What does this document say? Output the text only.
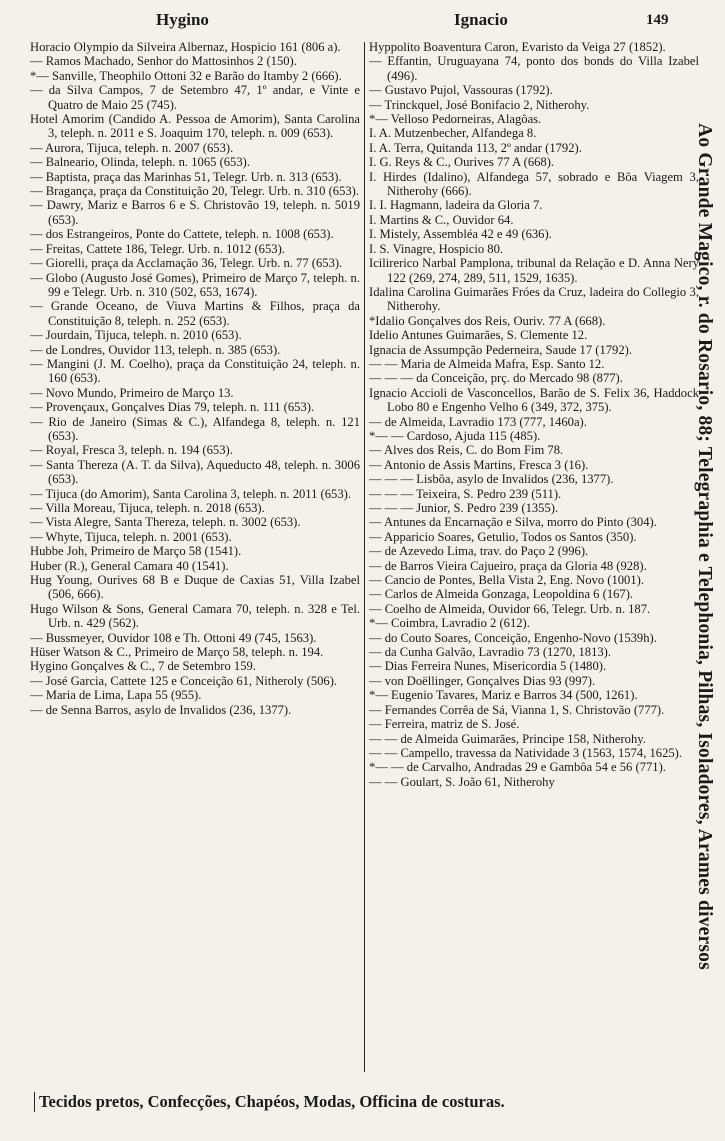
Hygino	Ignacio	149

Horacio Olympio da Silveira Albernaz, Hospicio 161 (806 a).

— Ramos Machado, Senhor do Mattosinhos 2 (150).

*— Sanville, Theophilo Ottoni 32 e Barão do Itamby 2 (666).

— da Silva Campos, 7 de Setembro 47, 1º andar, e Vinte e Quatro de Maio 25 (745).

Hotel Amorim (Candido A. Pessoa de Amorim), Santa Carolina 3, teleph. n. 2011 e S. Joaquim 170, teleph. n. 009 (653).

— Aurora, Tijuca, teleph. n. 2007 (653).

— Balneario, Olinda, teleph. n. 1065 (653).

— Baptista, praça das Marinhas 51, Telegr. Urb. n. 313 (653).

— Bragança, praça da Constituição 20, Telegr. Urb. n. 310 (653).

— Dawry, Mariz e Barros 6 e S. Christovão 19, teleph. n. 5019 (653).

— dos Estrangeiros, Ponte do Cattete, teleph. n. 1008 (653).

— Freitas, Cattete 186, Telegr. Urb. n. 1012 (653).

— Giorelli, praça da Acclamação 36, Telegr. Urb. n. 77 (653).

— Globo (Augusto José Gomes), Primeiro de Março 7, teleph. n. 99 e Telegr. Urb. n. 310 (502, 653, 1674).

— Grande Oceano, de Viuva Martins & Filhos, praça da Constituição 8, teleph. n. 252 (653).

— Jourdain, Tijuca, teleph. n. 2010 (653).

— de Londres, Ouvidor 113, teleph. n. 385 (653).

— Mangini (J. M. Coelho), praça da Constituição 24, teleph. n. 160 (653).

— Novo Mundo, Primeiro de Março 13.

— Provençaux, Gonçalves Dias 79, teleph. n. 111 (653).

— Rio de Janeiro (Simas & C.), Alfandega 8, teleph. n. 121 (653).

— Royal, Fresca 3, teleph. n. 194 (653).

— Santa Thereza (A. T. da Silva), Aqueducto 48, teleph. n. 3006 (653).

— Tijuca (do Amorim), Santa Carolina 3, teleph. n. 2011 (653).

— Villa Moreau, Tijuca, teleph. n. 2018 (653).

— Vista Alegre, Santa Thereza, teleph. n. 3002 (653).

— Whyte, Tijuca, teleph. n. 2001 (653).

Hubbe Joh, Primeiro de Março 58 (1541).

Huber (R.), General Camara 40 (1541).

Hug Young, Ourives 68 B e Duque de Caxias 51, Villa Izabel (506, 666).

Hugo Wilson & Sons, General Camara 70, teleph. n. 328 e Tel. Urb. n. 429 (562).

— Bussmeyer, Ouvidor 108 e Th. Ottoni 49 (745, 1563).

Hüser Watson & C., Primeiro de Março 58, teleph. n. 194.

Hygino Gonçalves & C., 7 de Setembro 159.

— José Garcia, Cattete 125 e Conceição 61, Nitheroly (506).

— Maria de Lima, Lapa 55 (955).

— de Senna Barros, asylo de Invalidos (236, 1377).

Hyppolito Boaventura Caron, Evaristo da Veiga 27 (1852).

— Effantin, Uruguayana 74, ponto dos bonds do Villa Izabel (496).

— Gustavo Pujol, Vassouras (1792).

— Trinckquel, José Bonifacio 2, Nitherohy.

*— Velloso Pedorneiras, Alagôas.

I. A. Mutzenbecher, Alfandega 8.

I. A. Terra, Quitanda 113, 2º andar (1792).

I. G. Reys & C., Ourives 77 A (668).

I. Hirdes (Idalino), Alfandega 57, sobrado e Bôa Viagem 3, Nitherohy (666).

I. I. Hagmann, ladeira da Gloria 7.

I. Martins & C., Ouvidor 64.

I. Mistely, Assembléa 42 e 49 (636).

I. S. Vinagre, Hospicio 80.

Icilirerico Narbal Pamplona, tribunal da Relação e D. Anna Nery 122 (269, 274, 289, 511, 1529, 1635).

Idalina Carolina Guimarães Fróes da Cruz, ladeira do Collegio 3, Nitherohy.

*Idalio Gonçalves dos Reis, Ouriv. 77 A (668).

Idelio Antunes Guimarães, S. Clemente 12.

Ignacia de Assumpção Pederneira, Saude 17 (1792).

— — Maria de Almeida Mafra, Esp. Santo 12.

— — — da Conceição, prç. do Mercado 98 (877).

Ignacio Accioli de Vasconcellos, Barão de S. Felix 36, Haddock Lobo 80 e Engenho Velho 6 (349, 372, 375).

— de Almeida, Lavradio 173 (777, 1460a).

*— — Cardoso, Ajuda 115 (485).

— Alves dos Reis, C. do Bom Fim 78.

— Antonio de Assis Martins, Fresca 3 (16).

— — — Lisbôa, asylo de Invalidos (236, 1377).

— — — Teixeira, S. Pedro 239 (511).

— — — Junior, S. Pedro 239 (1355).

— Antunes da Encarnação e Silva, morro do Pinto (304).

— Apparicio Soares, Getulio, Todos os Santos (350).

— de Azevedo Lima, trav. do Paço 2 (996).

— de Barros Vieira Cajueiro, praça da Gloria 48 (928).

— Cancio de Pontes, Bella Vista 2, Eng. Novo (1001).

— Carlos de Almeida Gonzaga, Leopoldina 6 (167).

— Coelho de Almeida, Ouvidor 66, Telegr. Urb. n. 187.

*— Coimbra, Lavradio 2 (612).

— do Couto Soares, Conceição, Engenho-Novo (1539h).

— da Cunha Galvão, Lavradio 73 (1270, 1813).

— Dias Ferreira Nunes, Misericordia 5 (1480).

— von Doëllinger, Gonçalves Dias 93 (997).

*— Eugenio Tavares, Mariz e Barros 34 (500, 1261).

— Fernandes Corrêa de Sá, Vianna 1, S. Christovão (777).

— Ferreira, matriz de S. José.

— — de Almeida Guimarães, Principe 158, Nitherohy.

— — Campello, travessa da Natividade 3 (1563, 1574, 1625).

*— — de Carvalho, Andradas 29 e Gambôa 54 e 56 (771).

— — Goulart, S. João 61, Nitherohy	Ao Grande Magico, r. do Rosario, 88; Telegraphia e Telephonia, Pilhas, Isoladores, Arames diversos
Tecidos pretos, Confecções, Chapéos, Modas, Officina de costuras.
